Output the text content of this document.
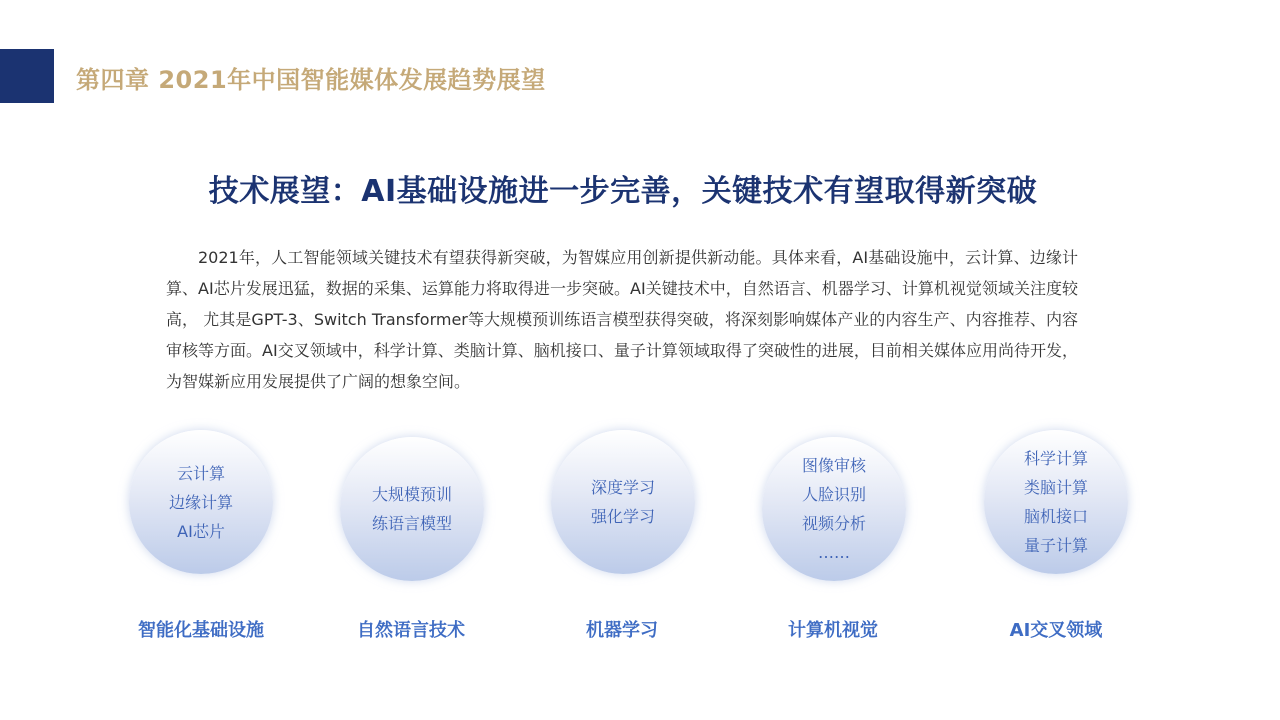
第四章 2021年中国智能媒体发展趋势展望
技术展望：AI基础设施进一步完善，关键技术有望取得新突破
2021年，人工智能领域关键技术有望获得新突破，为智媒应用创新提供新动能。具体来看，AI基础设施中，云计算、边缘计算、AI芯片发展迅猛，数据的采集、运算能力将取得进一步突破。AI关键技术中，自然语言、机器学习、计算机视觉领域关注度较高， 尤其是GPT-3、Switch Transformer等大规模预训练语言模型获得突破，将深刻影响媒体产业的内容生产、内容推荐、内容审核等方面。AI交叉领域中，科学计算、类脑计算、脑机接口、量子计算领域取得了突破性的进展，目前相关媒体应用尚待开发，为智媒新应用发展提供了广阔的想象空间。
云计算
边缘计算
AI芯片
智能化基础设施
大规模预训
练语言模型
自然语言技术
深度学习
强化学习
机器学习
图像审核
人脸识别
视频分析
……
计算机视觉
科学计算
类脑计算
脑机接口
量子计算
AI交叉领域
